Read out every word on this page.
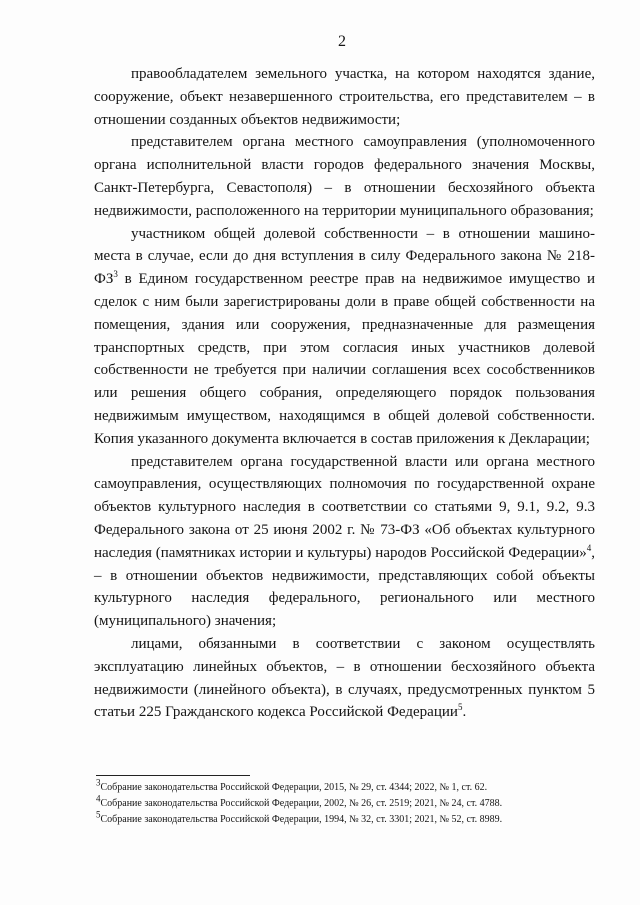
2

правообладателем земельного участка, на котором находятся здание, сооружение, объект незавершенного строительства, его представителем – в отношении созданных объектов недвижимости;

представителем органа местного самоуправления (уполномоченного органа исполнительной власти городов федерального значения Москвы, Санкт-Петербурга, Севастополя) – в отношении бесхозяйного объекта недвижимости, расположенного на территории муниципального образования;

участником общей долевой собственности – в отношении машино-места в случае, если до дня вступления в силу Федерального закона № $218-ФЗ^3$ в Едином государственном реестре прав на недвижимое имущество и сделок с ним были зарегистрированы доли в праве общей собственности на помещения, здания или сооружения, предназначенные для размещения транспортных средств, при этом согласия иных участников долевой собственности не требуется при наличии соглашения всех сособственников или решения общего собрания, определяющего порядок пользования недвижимым имуществом, находящимся в общей долевой собственности. Копия указанного документа включается в состав приложения к Декларации;

представителем органа государственной власти или органа местного самоуправления, осуществляющих полномочия по государственной охране объектов культурного наследия в соответствии со статьями 9, 9.1, 9.2, 9.3 Федерального закона от 25 июня 2002 г. № 73-ФЗ «Об объектах культурного наследия (памятниках истории и культуры) народов Российской Федерации»$^4$, – в отношении объектов недвижимости, представляющих собой объекты культурного наследия федерального, регионального или местного (муниципального) значения;

лицами, обязанными в соответствии с законом осуществлять эксплуатацию линейных объектов, – в отношении бесхозяйного объекта недвижимости (линейного объекта), в случаях, предусмотренных пунктом 5 статьи 225 Гражданского кодекса Российской Федерации$^5$.

$^3$Собрание законодательства Российской Федерации, 2015, № 29, ст. 4344; 2022, № 1, ст. 62.

$^4$Собрание законодательства Российской Федерации, 2002, № 26, ст. 2519; 2021, № 24, ст. 4788.

$^5$Собрание законодательства Российской Федерации, 1994, № 32, ст. 3301; 2021, № 52, ст. 8989.
